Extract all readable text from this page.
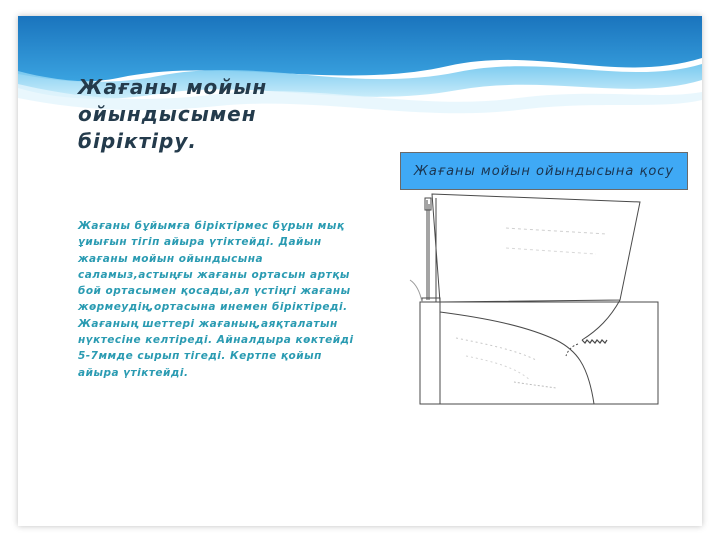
Жағаны мойын ойындысымен біріктіру.

Жағаны бұйымға біріктірмес бұрын мық ұиығын тігіп айыра үтіктейді. Дайын жағаны мойын ойындысына саламыз,астыңғы жағаны ортасын артқы бой ортасымен қосады,ал үстіңгі жағаны жөрмеудің,ортасына инемен біріктіреді. Жағаның шеттері жағаның,аяқталатын нүктесіне келтіреді. Айналдыра көктейді 5-7ммде сырып тігеді. Кертпе қойып айыра үтіктейді.

Жағаны мойын ойындысына қосу
